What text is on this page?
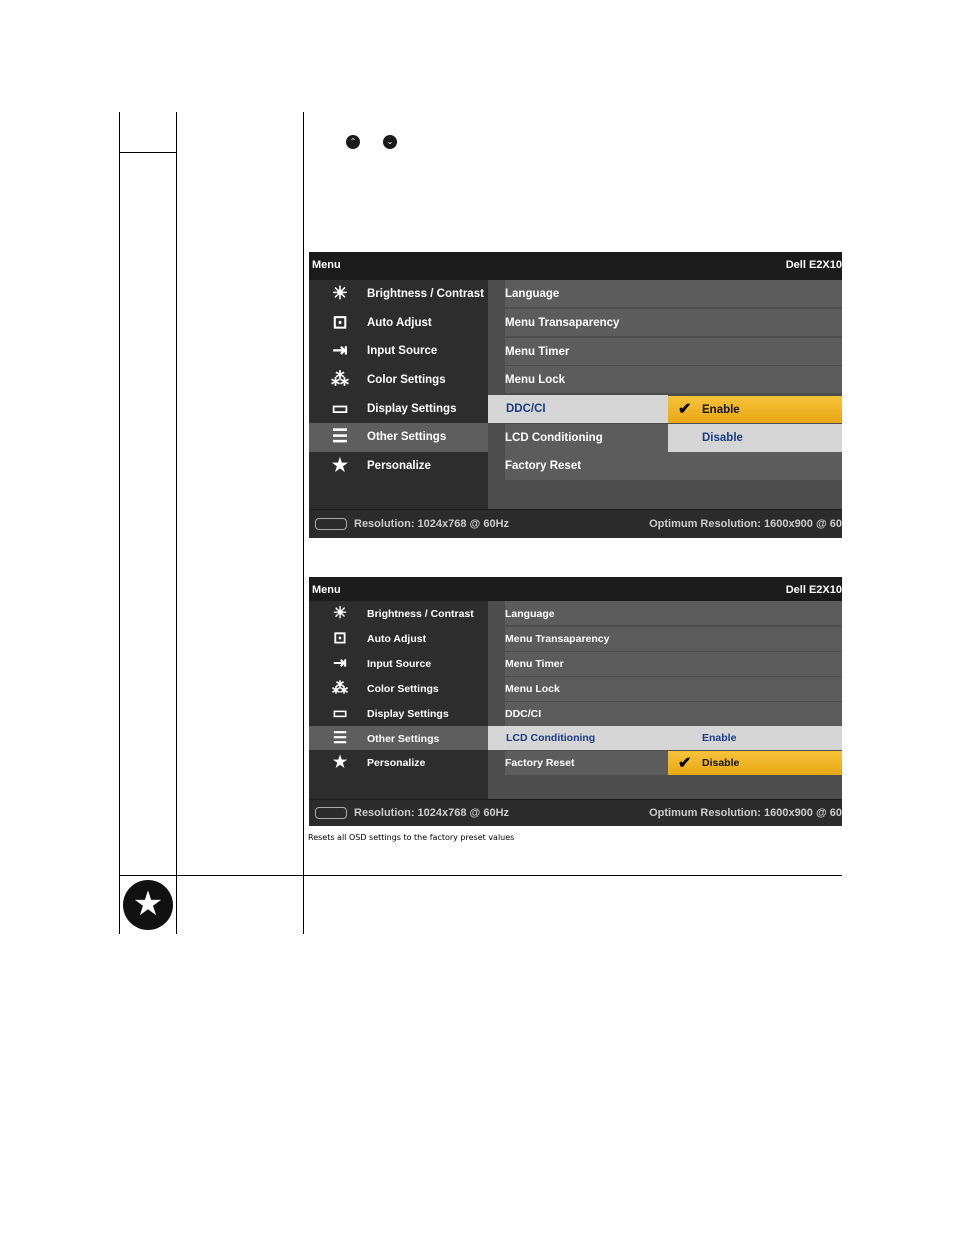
⌃	⌄
Menu	Dell E2X10
☀	Brightness / Contrast
⊡	Auto Adjust
⇥	Input Source
⁂	Color Settings
▭	Display Settings
☰	Other Settings
★	Personalize
Language
Menu Transaparency
Menu Timer
Menu Lock
DDC/CI
LCD Conditioning
Factory Reset
✔ Enable
Disable
Resolution: 1024x768 @ 60Hz	Optimum Resolution: 1600x900 @ 60
Menu	Dell E2X10
☀	Brightness / Contrast
⊡	Auto Adjust
⇥	Input Source
⁂	Color Settings
▭	Display Settings
☰	Other Settings
★	Personalize
Language
Menu Transaparency
Menu Timer
Menu Lock
DDC/CI
LCD Conditioning
Factory Reset
Enable
✔ Disable
Resolution: 1024x768 @ 60Hz	Optimum Resolution: 1600x900 @ 60
Resets all OSD settings to the factory preset values
★
